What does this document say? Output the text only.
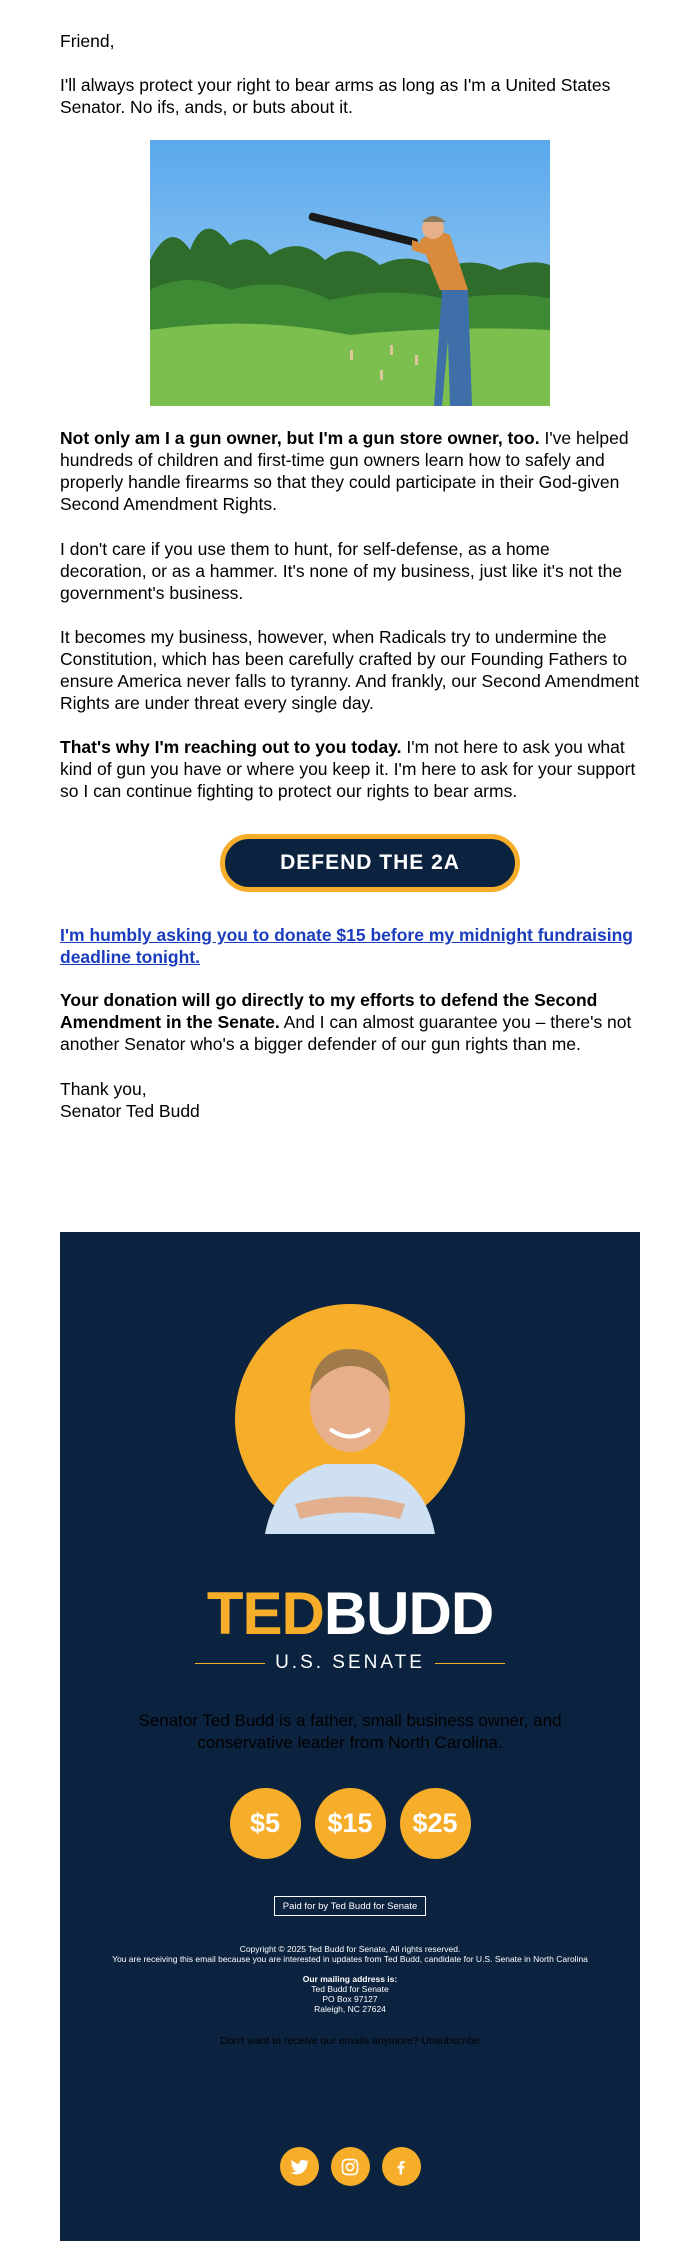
Friend,

I'll always protect your right to bear arms as long as I'm a United States Senator. No ifs, ands, or buts about it.

Not only am I a gun owner, but I'm a gun store owner, too. I've helped hundreds of children and first-time gun owners learn how to safely and properly handle firearms so that they could participate in their God-given Second Amendment Rights.

I don't care if you use them to hunt, for self-defense, as a home decoration, or as a hammer. It's none of my business, just like it's not the government's business.

It becomes my business, however, when Radicals try to undermine the Constitution, which has been carefully crafted by our Founding Fathers to ensure America never falls to tyranny. And frankly, our Second Amendment Rights are under threat every single day.

That's why I'm reaching out to you today. I'm not here to ask you what kind of gun you have or where you keep it. I'm here to ask for your support so I can continue fighting to protect our rights to bear arms.

DEFEND THE 2A
I'm humbly asking you to donate $15 before my midnight fundraising deadline tonight.

Your donation will go directly to my efforts to defend the Second Amendment in the Senate. And I can almost guarantee you – there's not another Senator who's a bigger defender of our gun rights than me.

Thank you,

Senator Ted Budd

TEDBUDD
U.S. SENATE
Senator Ted Budd is a father, small business owner, and conservative leader from North Carolina.
$5	$15	$25
Paid for by Ted Budd for Senate
Copyright © 2025 Ted Budd for Senate, All rights reserved.
You are receiving this email because you are interested in updates from Ted Budd, candidate for U.S. Senate in North Carolina
Our mailing address is:
Ted Budd for Senate
PO Box 97127
Raleigh, NC 27624
Don't want to receive our emails anymore? Unsubscribe
